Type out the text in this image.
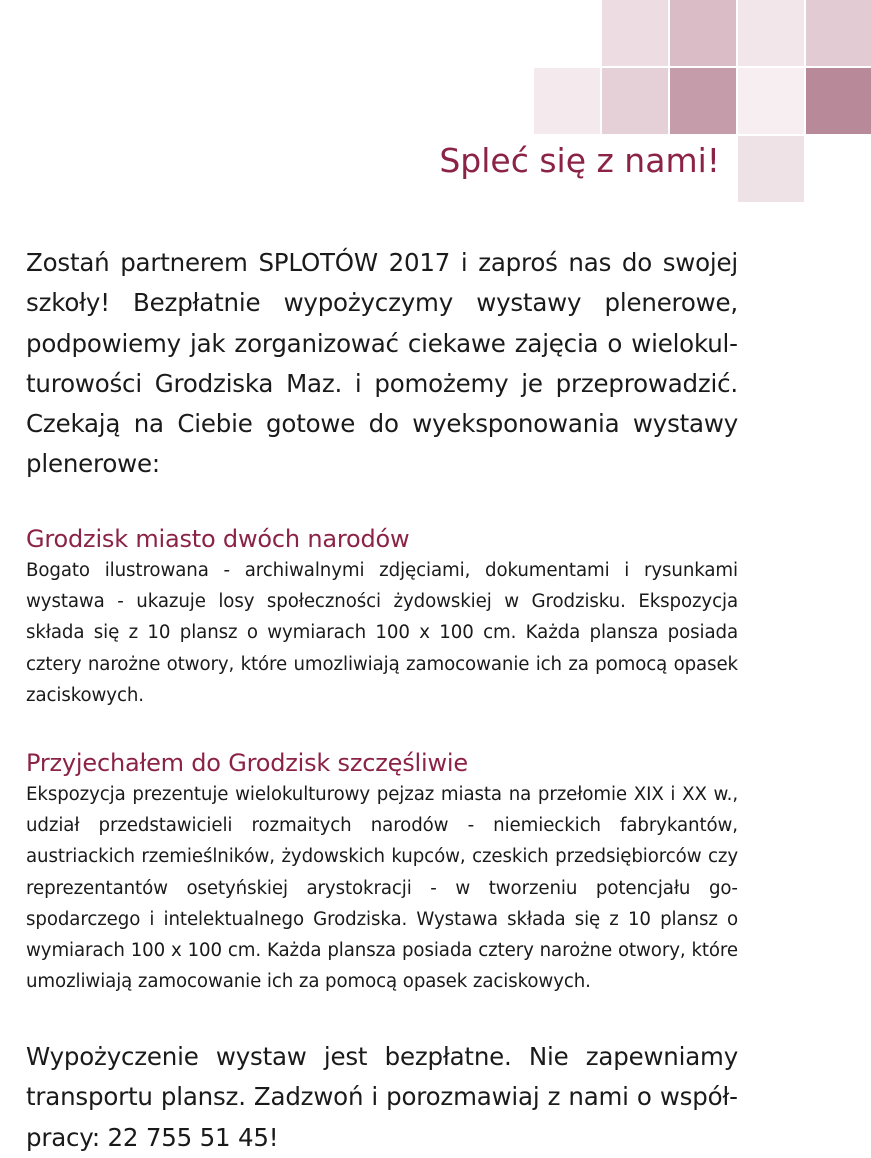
Spleć się z nami!

Zostań partnerem SPLOTÓW 2017 i zaproś nas do swojej szkoły! Bezpłatnie wypożyczymy wystawy plenerowe, podpowiemy jak zorganizować ciekawe zajęcia o wielokulturowości Grodziska Maz. i pomożemy je przeprowadzić. Czekają na Ciebie gotowe do wyeksponowania wystawy plenerowe:

Grodzisk miasto dwóch narodów

Bogato ilustrowana - archiwalnymi zdjęciami, dokumentami i rysunkami wystawa - ukazuje losy społeczności żydowskiej w Grodzisku. Ekspozycja składa się z 10 plansz o wymiarach 100 x 100 cm. Każda plansza posiada cztery narożne otwory, które umozliwiają zamocowanie ich za pomocą opasek zaciskowych.

Przyjechałem do Grodzisk szczęśliwie

Ekspozycja prezentuje wielokulturowy pejzaz miasta na przełomie XIX i XX w., udział przedstawicieli rozmaitych narodów - niemieckich fabrykantów, austriackich rzemieślników, żydowskich kupców, czeskich przedsiębiorców czy reprezentantów osetyńskiej arystokracji - w tworzeniu potencjału gospodarczego i intelektualnego Grodziska. Wystawa składa się z 10 plansz o wymiarach 100 x 100 cm. Każda plansza posiada cztery narożne otwory, które umozliwiają zamocowanie ich za pomocą opasek zaciskowych.

Wypożyczenie wystaw jest bezpłatne. Nie zapewniamy transportu plansz. Zadzwoń i porozmawiaj z nami o współpracy: 22 755 51 45!
